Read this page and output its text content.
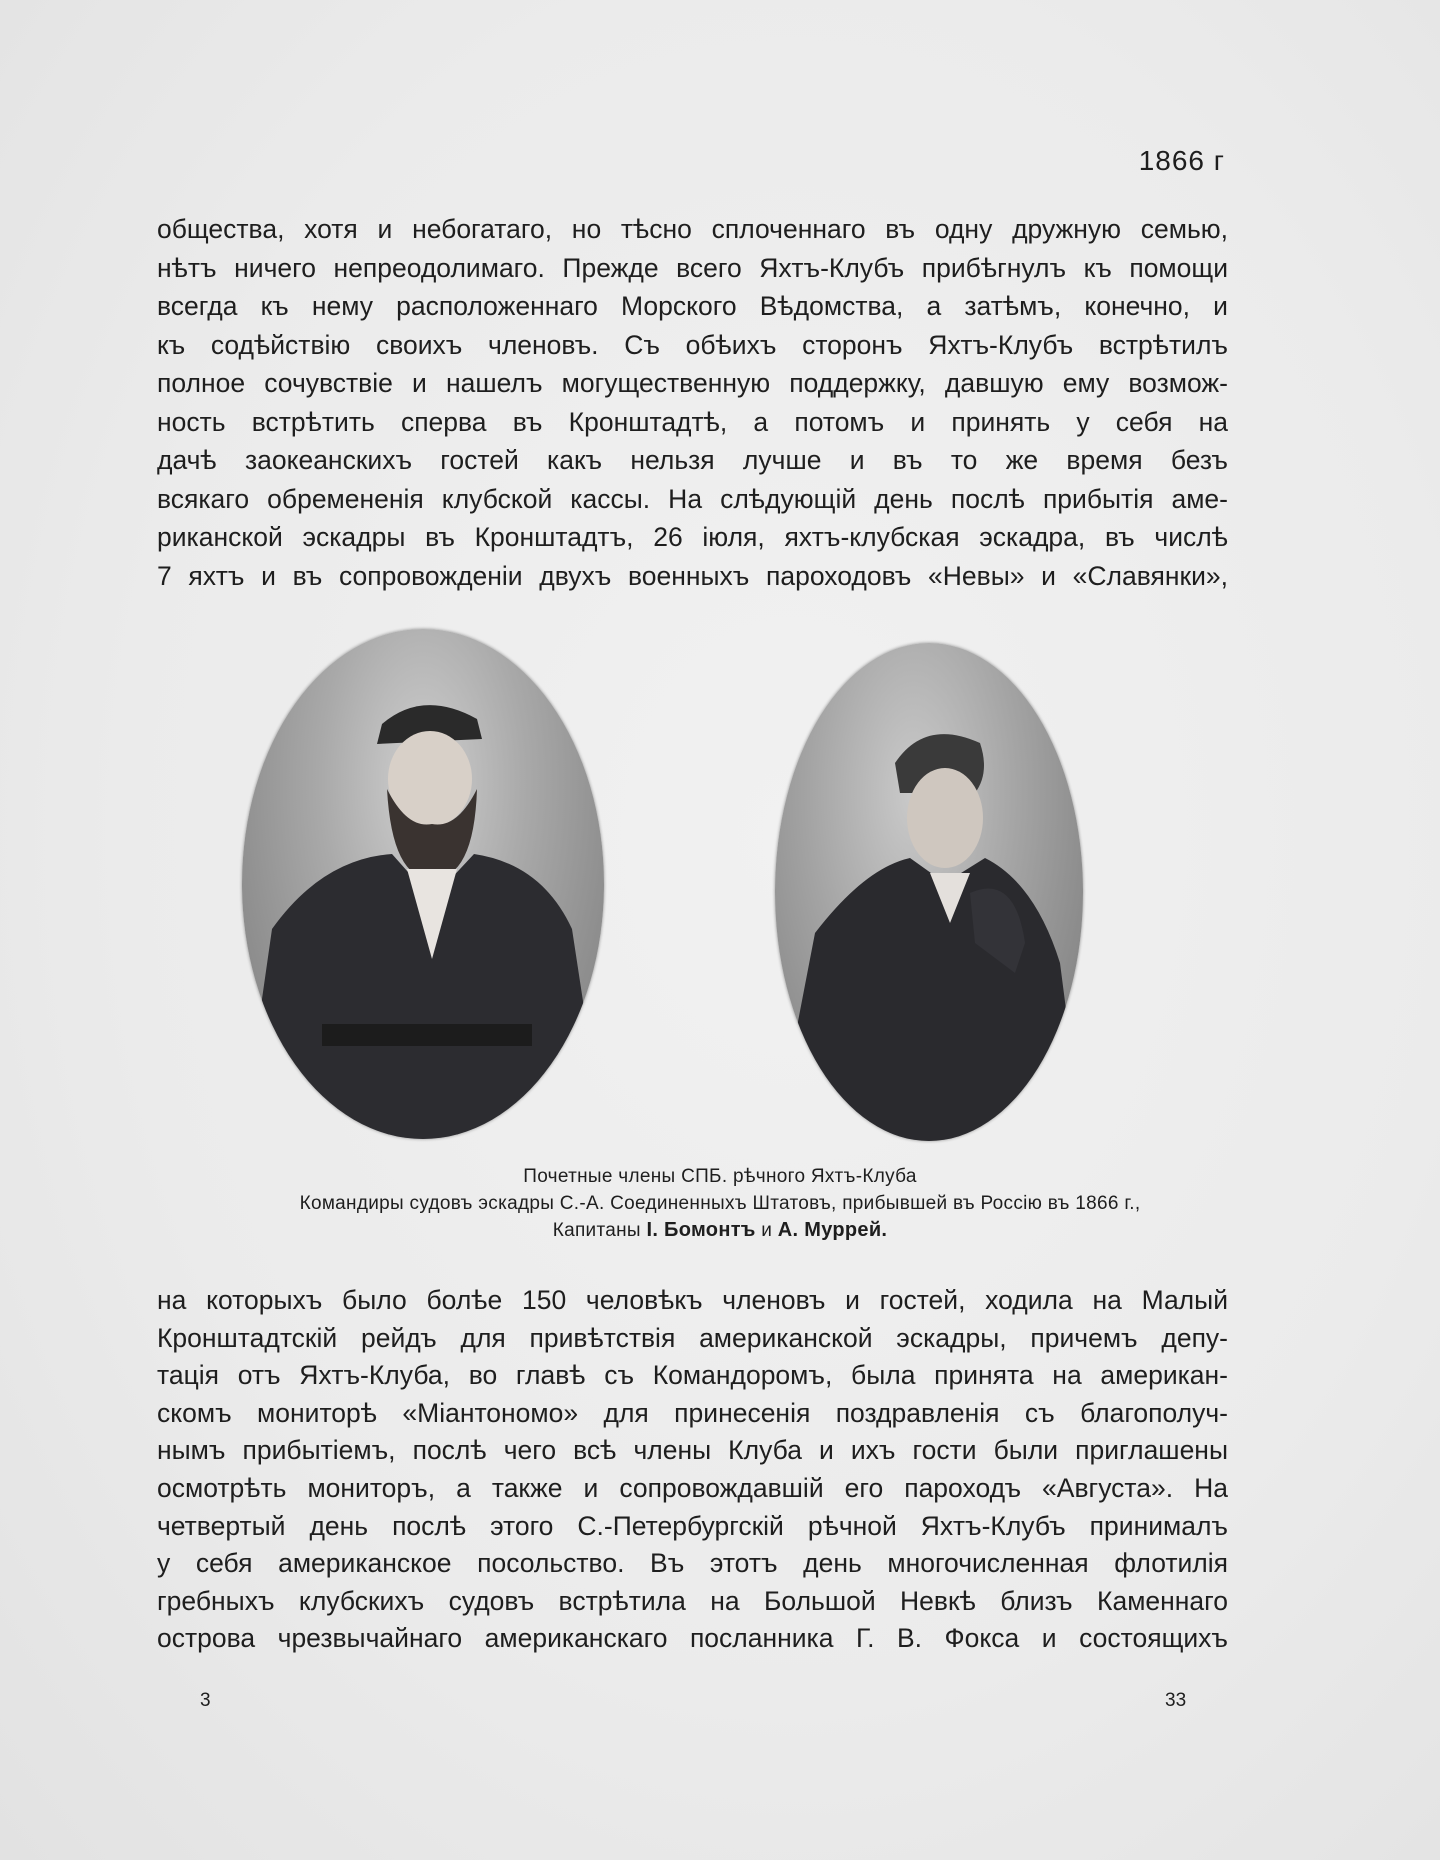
1866 г
общества, хотя и небогатаго, но тѣсно сплоченнаго въ одну дружную семью,
нѣтъ ничего непреодолимаго. Прежде всего Яхтъ-Клубъ прибѣгнулъ къ помощи
всегда къ нему расположеннаго Морского Вѣдомства, а затѣмъ, конечно, и
къ содѣйствію своихъ членовъ. Съ обѣихъ сторонъ Яхтъ-Клубъ встрѣтилъ
полное сочувствіе и нашелъ могущественную поддержку, давшую ему возмож-
ность встрѣтить сперва въ Кронштадтѣ, а потомъ и принять у себя на
дачѣ заокеанскихъ гостей какъ нельзя лучше и въ то же время безъ
всякаго обремененія клубской кассы. На слѣдующій день послѣ прибытія аме-
риканской эскадры въ Кронштадтъ, 26 іюля, яхтъ-клубская эскадра, въ числѣ
7 яхтъ и въ сопровожденіи двухъ военныхъ пароходовъ «Невы» и «Славянки»,
Почетные члены СПБ. рѣчного Яхтъ-Клуба
Командиры судовъ эскадры С.-А. Соединенныхъ Штатовъ, прибывшей въ Россію въ 1866 г.,
Капитаны I. Бомонтъ и А. Муррей.
на которыхъ было болѣе 150 человѣкъ членовъ и гостей, ходила на Малый
Кронштадтскій рейдъ для привѣтствія американской эскадры, причемъ депу-
тація отъ Яхтъ-Клуба, во главѣ съ Командоромъ, была принята на американ-
скомъ мониторѣ «Міантономо» для принесенія поздравленія съ благополуч-
нымъ прибытіемъ, послѣ чего всѣ члены Клуба и ихъ гости были приглашены
осмотрѣть мониторъ, а также и сопровождавшій его пароходъ «Августа». На
четвертый день послѣ этого С.-Петербургскій рѣчной Яхтъ-Клубъ принималъ
у себя американское посольство. Въ этотъ день многочисленная флотилія
гребныхъ клубскихъ судовъ встрѣтила на Большой Невкѣ близъ Каменнаго
острова чрезвычайнаго американскаго посланника Г. В. Фокса и состоящихъ
3	33
